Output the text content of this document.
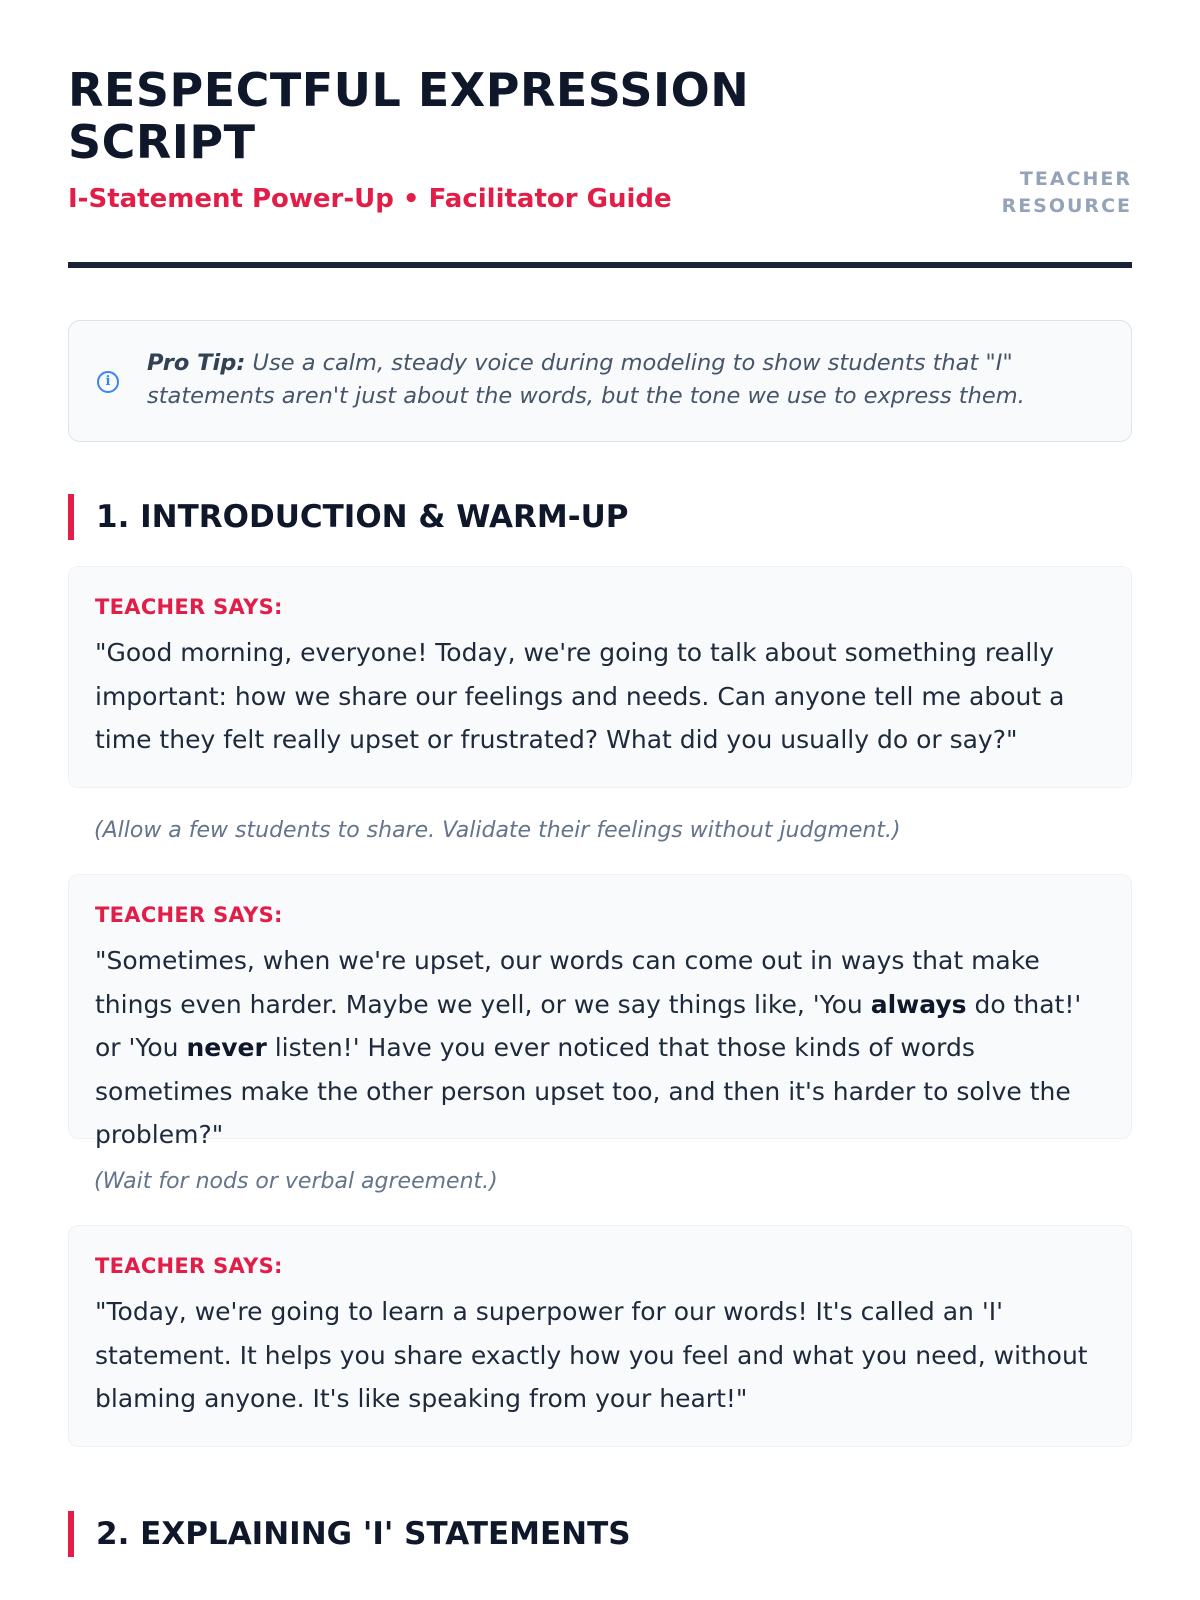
RESPECTFUL EXPRESSION SCRIPT
I-Statement Power-Up • Facilitator Guide
TEACHER
RESOURCE
i

Pro Tip: Use a calm, steady voice during modeling to show students that "I" statements aren't just about the words, but the tone we use to express them.

1. INTRODUCTION & WARM-UP
TEACHER SAYS:

"Good morning, everyone! Today, we're going to talk about something really important: how we share our feelings and needs. Can anyone tell me about a time they felt really upset or frustrated? What did you usually do or say?"

(Allow a few students to share. Validate their feelings without judgment.)

TEACHER SAYS:

"Sometimes, when we're upset, our words can come out in ways that make things even harder. Maybe we yell, or we say things like, 'You always do that!' or 'You never listen!' Have you ever noticed that those kinds of words sometimes make the other person upset too, and then it's harder to solve the problem?"

(Wait for nods or verbal agreement.)

TEACHER SAYS:

"Today, we're going to learn a superpower for our words! It's called an 'I' statement. It helps you share exactly how you feel and what you need, without blaming anyone. It's like speaking from your heart!"

2. EXPLAINING 'I' STATEMENTS
